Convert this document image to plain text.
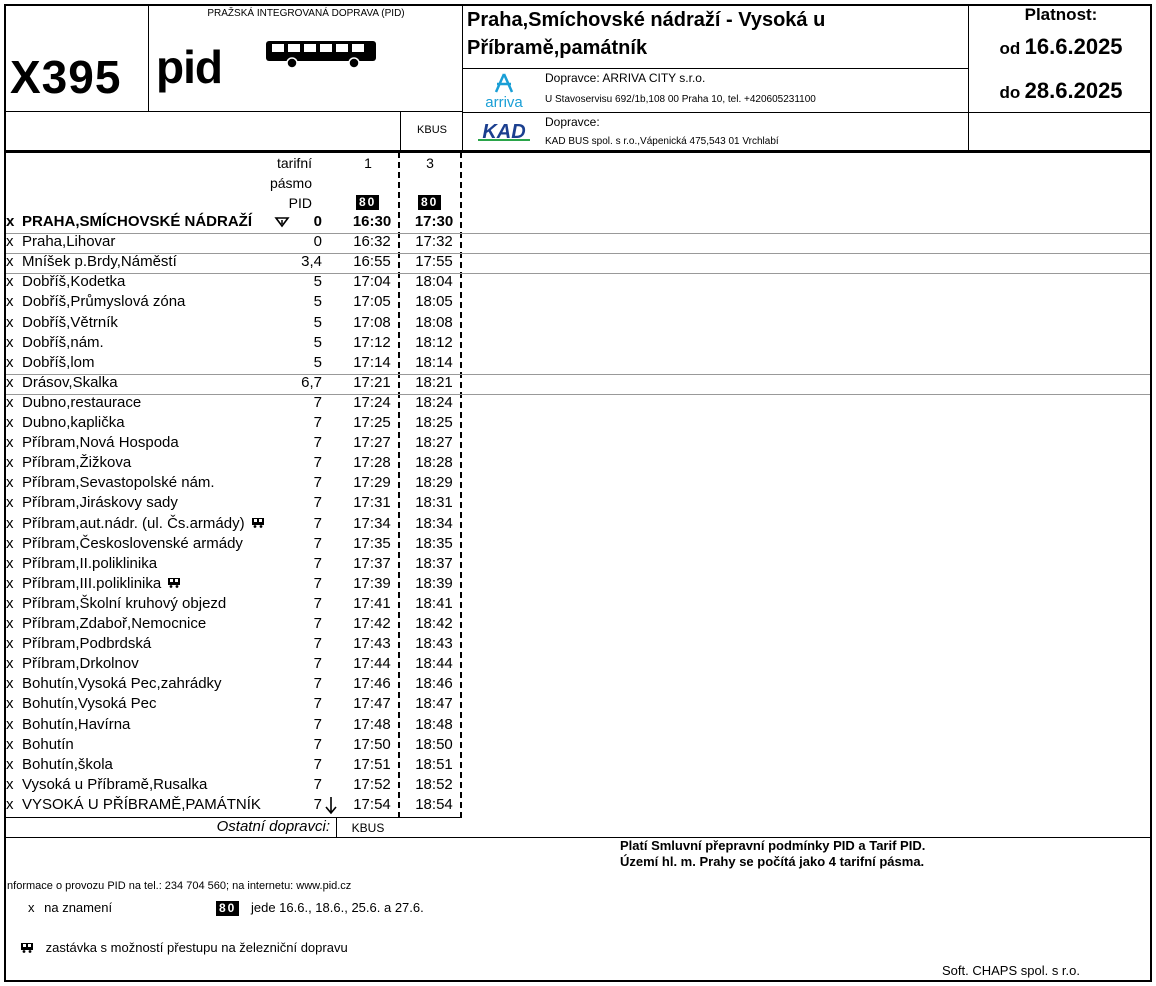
X395
PRAŽSKÁ INTEGROVANÁ DOPRAVA (PID)
pid
Praha,Smíchovské nádraží - Vysoká u Příbramě,památník
Platnost:
od 16.6.2025
do 28.6.2025
arriva
Dopravce: ARRIVA CITY s.r.o.
U Stavoservisu 692/1b,108 00 Praha 10, tel. +420605231100
KBUS	KAD Dopravce:
KAD BUS spol. s r.o.,Vápenická 475,543 01 Vrchlabí
tarifní
pásmo
PID
1	3
80	80
x PRAHA,SMÍCHOVSKÉ NÁDRAŽÍ	0	16:30	17:30
x Praha,Lihovar	0	16:32	17:32
x Mníšek p.Brdy,Náměstí	3,4	16:55	17:55
x Dobříš,Kodetka	5	17:04	18:04
x Dobříš,Průmyslová zóna	5	17:05	18:05
x Dobříš,Větrník	5	17:08	18:08
x Dobříš,nám.	5	17:12	18:12
x Dobříš,lom	5	17:14	18:14
x Drásov,Skalka	6,7	17:21	18:21
x Dubno,restaurace	7	17:24	18:24
x Dubno,kaplička	7	17:25	18:25
x Příbram,Nová Hospoda	7	17:27	18:27
x Příbram,Žižkova	7	17:28	18:28
x Příbram,Sevastopolské nám.	7	17:29	18:29
x Příbram,Jiráskovy sady	7	17:31	18:31
x Příbram,aut.nádr. (ul. Čs.armády)	7	17:34	18:34
x Příbram,Československé armády	7	17:35	18:35
x Příbram,II.poliklinika	7	17:37	18:37
x Příbram,III.poliklinika	7	17:39	18:39
x Příbram,Školní kruhový objezd	7	17:41	18:41
x Příbram,Zdaboř,Nemocnice	7	17:42	18:42
x Příbram,Podbrdská	7	17:43	18:43
x Příbram,Drkolnov	7	17:44	18:44
x Bohutín,Vysoká Pec,zahrádky	7	17:46	18:46
x Bohutín,Vysoká Pec	7	17:47	18:47
x Bohutín,Havírna	7	17:48	18:48
x Bohutín	7	17:50	18:50
x Bohutín,škola	7	17:51	18:51
x Vysoká u Příbramě,Rusalka	7	17:52	18:52
x VYSOKÁ U PŘÍBRAMĚ,PAMÁTNÍK	7	17:54	18:54
Ostatní dopravci:	KBUS
Platí Smluvní přepravní podmínky PID a Tarif PID.
Území hl. m. Prahy se počítá jako 4 tarifní pásma.
Informace o provozu PID na tel.: 234 704 560; na internetu: www.pid.cz
x na znamení	80 jede 16.6., 18.6., 25.6. a 27.6.
zastávka s možností přestupu na železniční dopravu
Soft. CHAPS spol. s r.o.
